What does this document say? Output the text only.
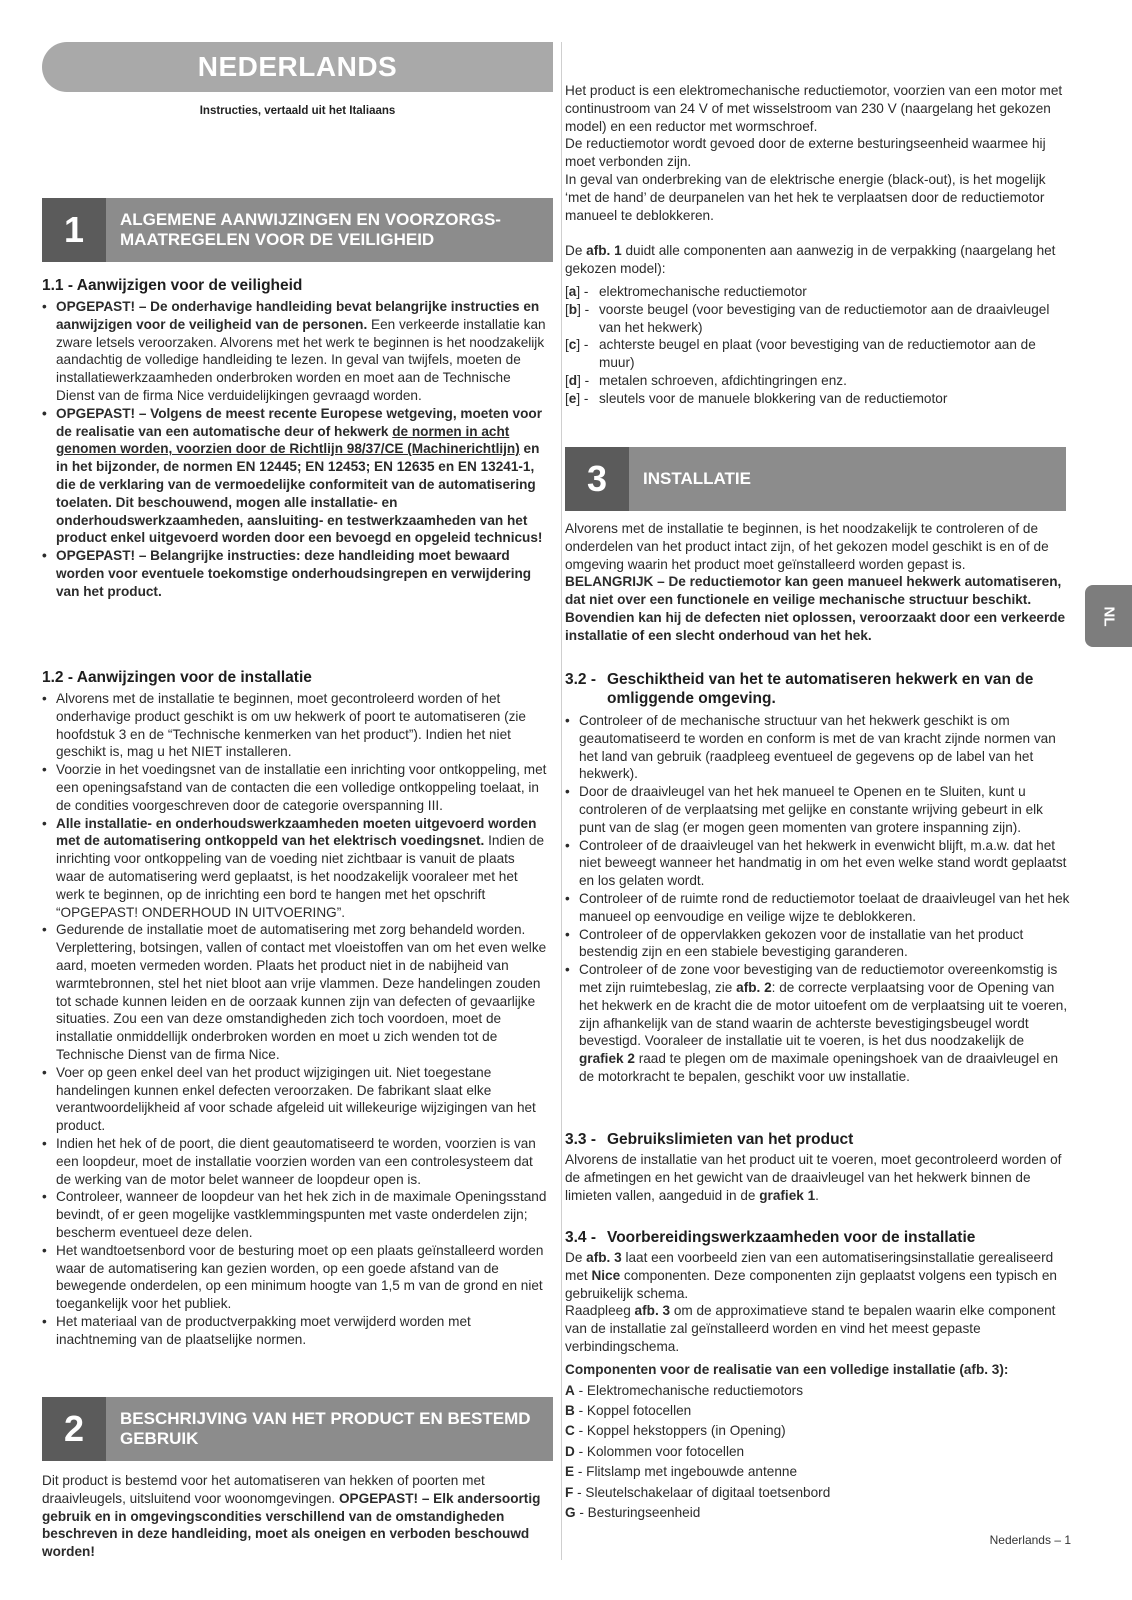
NEDERLANDS
Instructies, vertaald uit het Italiaans
1	ALGEMENE AANWIJZINGEN EN VOORZORGSMAATREGELEN VOOR DE VEILIGHEID
1.1 - Aanwijzigen voor de veiligheid
• OPGEPAST! – De onderhavige handleiding bevat belangrijke instructies en aanwijzigen voor de veiligheid van de personen. Een verkeerde installatie kan zware letsels veroorzaken. Alvorens met het werk te beginnen is het noodzakelijk aandachtig de volledige handleiding te lezen. In geval van twijfels, moeten de installatiewerkzaamheden onderbroken worden en moet aan de Technische Dienst van de firma Nice verduidelijkingen gevraagd worden.
• OPGEPAST! – Volgens de meest recente Europese wetgeving, moeten voor de realisatie van een automatische deur of hekwerk de normen in acht genomen worden, voorzien door de Richtlijn 98/37/CE (Machinerichtlijn) en in het bijzonder, de normen EN 12445; EN 12453; EN 12635 en EN 13241-1, die de verklaring van de vermoedelijke conformiteit van de automatisering toelaten. Dit beschouwend, mogen alle installatie- en onderhoudswerkzaamheden, aansluiting- en testwerkzaamheden van het product enkel uitgevoerd worden door een bevoegd en opgeleid technicus!
• OPGEPAST! – Belangrijke instructies: deze handleiding moet bewaard worden voor eventuele toekomstige onderhoudsingrepen en verwijdering van het product.
1.2 - Aanwijzingen voor de installatie
• Alvorens met de installatie te beginnen, moet gecontroleerd worden of het onderhavige product geschikt is om uw hekwerk of poort te automatiseren (zie hoofdstuk 3 en de “Technische kenmerken van het product”). Indien het niet geschikt is, mag u het NIET installeren.
• Voorzie in het voedingsnet van de installatie een inrichting voor ontkoppeling, met een openingsafstand van de contacten die een volledige ontkoppeling toelaat, in de condities voorgeschreven door de categorie overspanning III.
• Alle installatie- en onderhoudswerkzaamheden moeten uitgevoerd worden met de automatisering ontkoppeld van het elektrisch voedingsnet. Indien de inrichting voor ontkoppeling van de voeding niet zichtbaar is vanuit de plaats waar de automatisering werd geplaatst, is het noodzakelijk vooraleer met het werk te beginnen, op de inrichting een bord te hangen met het opschrift “OPGEPAST! ONDERHOUD IN UITVOERING”.
• Gedurende de installatie moet de automatisering met zorg behandeld worden. Verplettering, botsingen, vallen of contact met vloeistoffen van om het even welke aard, moeten vermeden worden. Plaats het product niet in de nabijheid van warmtebronnen, stel het niet bloot aan vrije vlammen. Deze handelingen zouden tot schade kunnen leiden en de oorzaak kunnen zijn van defecten of gevaarlijke situaties. Zou een van deze omstandigheden zich toch voordoen, moet de installatie onmiddellijk onderbroken worden en moet u zich wenden tot de Technische Dienst van de firma Nice.
• Voer op geen enkel deel van het product wijzigingen uit. Niet toegestane handelingen kunnen enkel defecten veroorzaken. De fabrikant slaat elke verantwoordelijkheid af voor schade afgeleid uit willekeurige wijzigingen van het product.
• Indien het hek of de poort, die dient geautomatiseerd te worden, voorzien is van een loopdeur, moet de installatie voorzien worden van een controlesysteem dat de werking van de motor belet wanneer de loopdeur open is.
• Controleer, wanneer de loopdeur van het hek zich in de maximale Openingsstand bevindt, of er geen mogelijke vastklemmingspunten met vaste onderdelen zijn; bescherm eventueel deze delen.
• Het wandtoetsenbord voor de besturing moet op een plaats geïnstalleerd worden waar de automatisering kan gezien worden, op een goede afstand van de bewegende onderdelen, op een minimum hoogte van 1,5 m van de grond en niet toegankelijk voor het publiek.
• Het materiaal van de productverpakking moet verwijderd worden met inachtneming van de plaatselijke normen.
2	BESCHRIJVING VAN HET PRODUCT EN BESTEMD GEBRUIK

Dit product is bestemd voor het automatiseren van hekken of poorten met draaivleugels, uitsluitend voor woonomgevingen. OPGEPAST! – Elk andersoortig gebruik en in omgevingscondities verschillend van de omstandigheden beschreven in deze handleiding, moet als oneigen en verboden beschouwd worden!

Het product is een elektromechanische reductiemotor, voorzien van een motor met continustroom van 24 V of met wisselstroom van 230 V (naargelang het gekozen model) en een reductor met wormschroef.

De reductiemotor wordt gevoed door de externe besturingseenheid waarmee hij moet verbonden zijn.

In geval van onderbreking van de elektrische energie (black-out), is het mogelijk ‘met de hand’ de deurpanelen van het hek te verplaatsen door de reductiemotor manueel te deblokkeren.

De afb. 1 duidt alle componenten aan aanwezig in de verpakking (naargelang het gekozen model):

[a] - elektromechanische reductiemotor
[b] - voorste beugel (voor bevestiging van de reductiemotor aan de draaivleugel van het hekwerk)
[c] - achterste beugel en plaat (voor bevestiging van de reductiemotor aan de muur)
[d] - metalen schroeven, afdichtingringen enz.
[e] - sleutels voor de manuele blokkering van de reductiemotor
3	INSTALLATIE

Alvorens met de installatie te beginnen, is het noodzakelijk te controleren of de onderdelen van het product intact zijn, of het gekozen model geschikt is en of de omgeving waarin het product moet geïnstalleerd worden gepast is.

BELANGRIJK – De reductiemotor kan geen manueel hekwerk automatiseren, dat niet over een functionele en veilige mechanische structuur beschikt. Bovendien kan hij de defecten niet oplossen, veroorzaakt door een verkeerde installatie of een slecht onderhoud van het hek.

3.2 - Geschiktheid van het te automatiseren hekwerk en van de omliggende omgeving.
• Controleer of de mechanische structuur van het hekwerk geschikt is om geautomatiseerd te worden en conform is met de van kracht zijnde normen van het land van gebruik (raadpleeg eventueel de gegevens op de label van het hekwerk).
• Door de draaivleugel van het hek manueel te Openen en te Sluiten, kunt u controleren of de verplaatsing met gelijke en constante wrijving gebeurt in elk punt van de slag (er mogen geen momenten van grotere inspanning zijn).
• Controleer of de draaivleugel van het hekwerk in evenwicht blijft, m.a.w. dat het niet beweegt wanneer het handmatig in om het even welke stand wordt geplaatst en los gelaten wordt.
• Controleer of de ruimte rond de reductiemotor toelaat de draaivleugel van het hek manueel op eenvoudige en veilige wijze te deblokkeren.
• Controleer of de oppervlakken gekozen voor de installatie van het product bestendig zijn en een stabiele bevestiging garanderen.
• Controleer of de zone voor bevestiging van de reductiemotor overeenkomstig is met zijn ruimtebeslag, zie afb. 2: de correcte verplaatsing voor de Opening van het hekwerk en de kracht die de motor uitoefent om de verplaatsing uit te voeren, zijn afhankelijk van de stand waarin de achterste bevestigingsbeugel wordt bevestigd. Vooraleer de installatie uit te voeren, is het dus noodzakelijk de grafiek 2 raad te plegen om de maximale openingshoek van de draaivleugel en de motorkracht te bepalen, geschikt voor uw installatie.
3.3 - Gebruikslimieten van het product

Alvorens de installatie van het product uit te voeren, moet gecontroleerd worden of de afmetingen en het gewicht van de draaivleugel van het hekwerk binnen de limieten vallen, aangeduid in de grafiek 1.

3.4 - Voorbereidingswerkzaamheden voor de installatie

De afb. 3 laat een voorbeeld zien van een automatiseringsinstallatie gerealiseerd met Nice componenten. Deze componenten zijn geplaatst volgens een typisch en gebruikelijk schema.

Raadpleeg afb. 3 om de approximatieve stand te bepalen waarin elke component van de installatie zal geïnstalleerd worden en vind het meest gepaste verbindingschema.

Componenten voor de realisatie van een volledige installatie (afb. 3):

A - Elektromechanische reductiemotors
B - Koppel fotocellen
C - Koppel hekstoppers (in Opening)
D - Kolommen voor fotocellen
E - Flitslamp met ingebouwde antenne
F - Sleutelschakelaar of digitaal toetsenbord
G - Besturingseenheid
NL
Nederlands – 1
